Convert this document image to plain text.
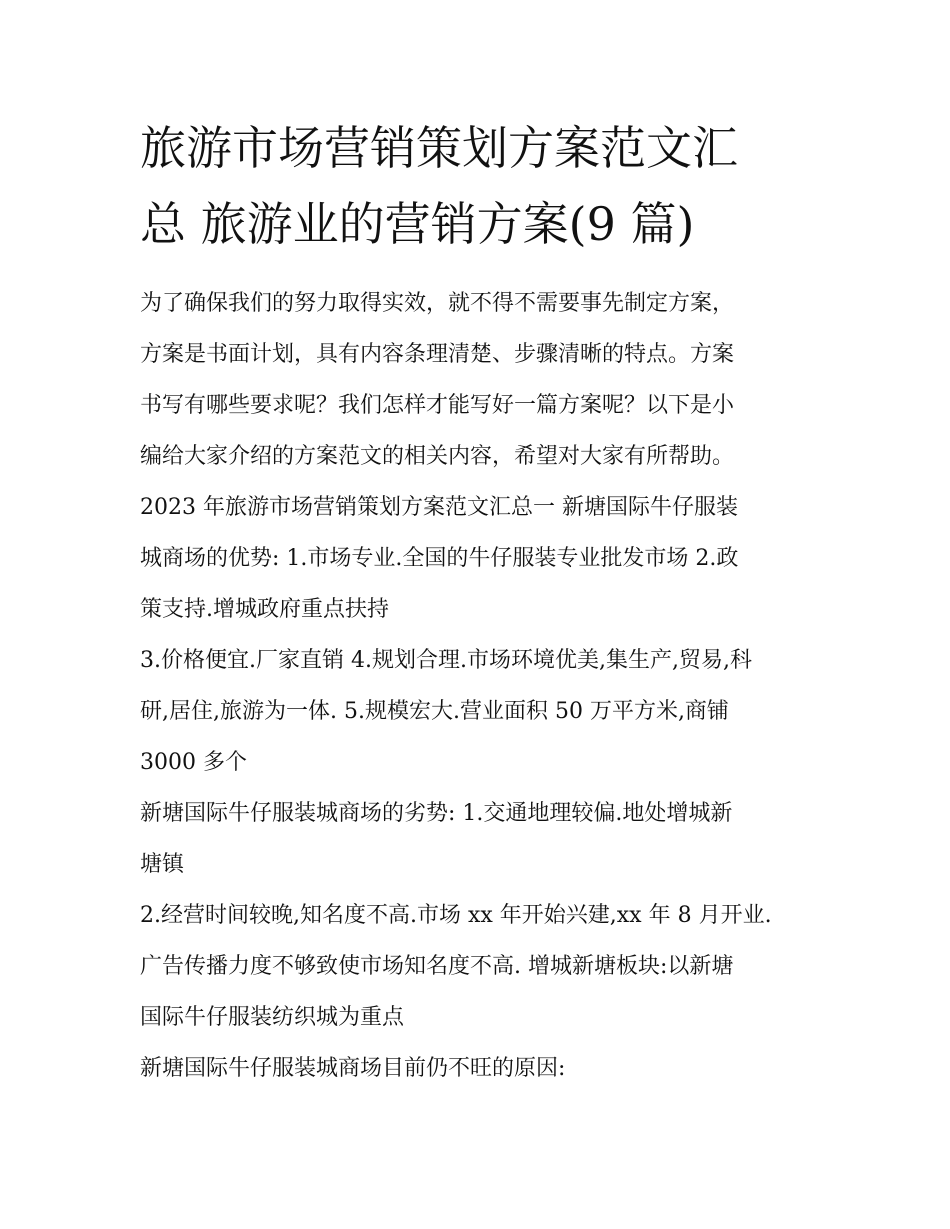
旅游市场营销策划方案范文汇
总 旅游业的营销方案(9 篇)

为了确保我们的努力取得实效，就不得不需要事先制定方案，
方案是书面计划，具有内容条理清楚、步骤清晰的特点。方案
书写有哪些要求呢？我们怎样才能写好一篇方案呢？以下是小
编给大家介绍的方案范文的相关内容，希望对大家有所帮助。

2023 年旅游市场营销策划方案范文汇总一 新塘国际牛仔服装
城商场的优势: 1.市场专业.全国的牛仔服装专业批发市场 2.政
策支持.增城政府重点扶持

3.价格便宜.厂家直销 4.规划合理.市场环境优美,集生产,贸易,科
研,居住,旅游为一体. 5.规模宏大.营业面积 50 万平方米,商铺
3000 多个

新塘国际牛仔服装城商场的劣势: 1.交通地理较偏.地处增城新
塘镇

2.经营时间较晚,知名度不高.市场 xx 年开始兴建,xx 年 8 月开业.
广告传播力度不够致使市场知名度不高. 增城新塘板块:以新塘
国际牛仔服装纺织城为重点

新塘国际牛仔服装城商场目前仍不旺的原因:
